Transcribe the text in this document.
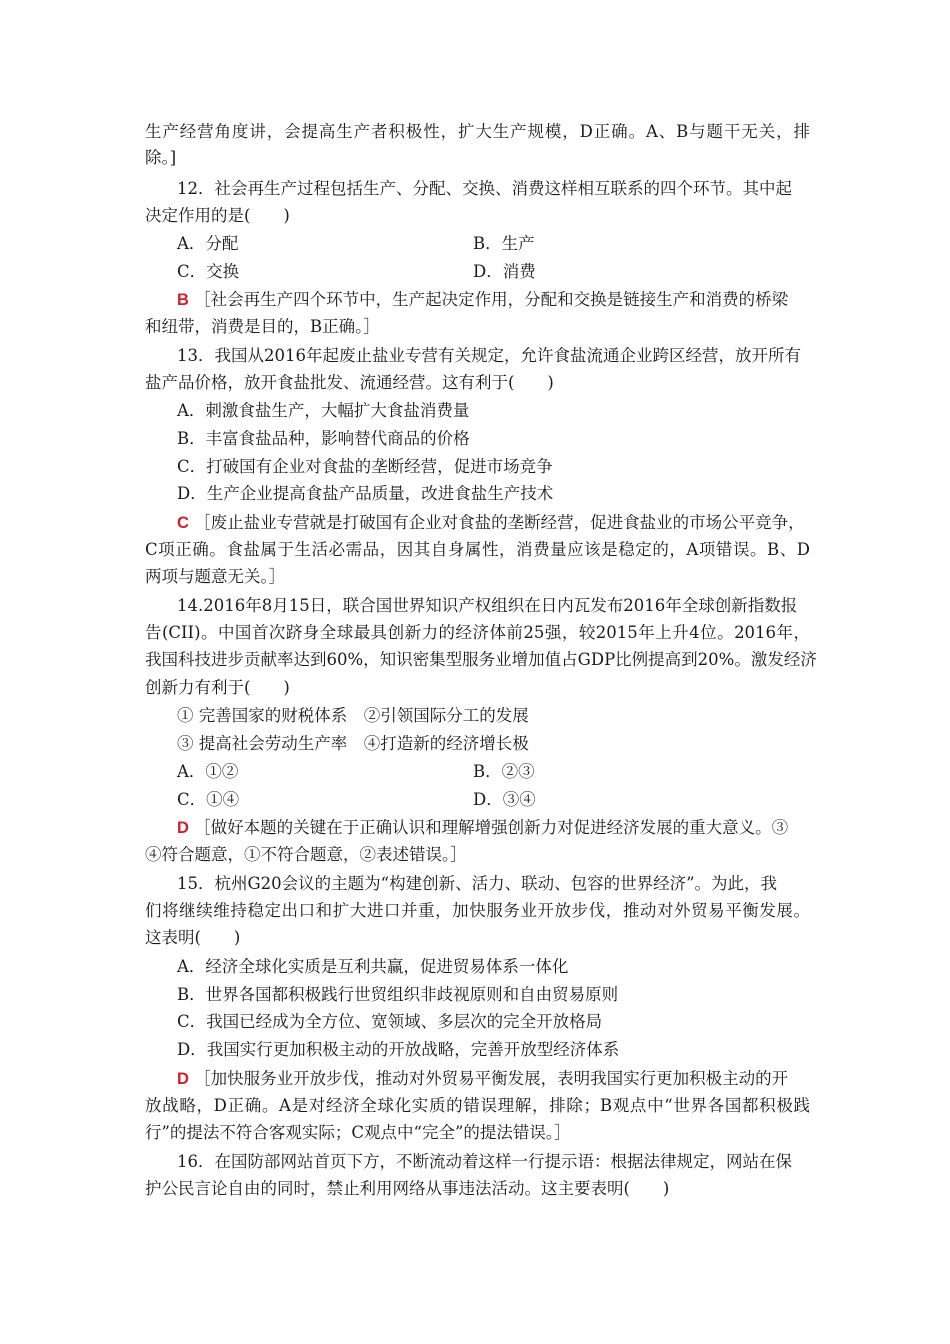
生产经营角度讲，会提高生产者积极性，扩大生产规模，D正确。A、B与题干无关，排
除。]
12．社会再生产过程包括生产、分配、交换、消费这样相互联系的四个环节。其中起
决定作用的是(　　)
A．分配	B．生产
C．交换	D．消费
B ［社会再生产四个环节中，生产起决定作用，分配和交换是链接生产和消费的桥梁
和纽带，消费是目的，B正确。］
13．我国从2016年起废止盐业专营有关规定，允许食盐流通企业跨区经营，放开所有
盐产品价格，放开食盐批发、流通经营。这有利于(　　)
A．刺激食盐生产，大幅扩大食盐消费量
B．丰富食盐品种，影响替代商品的价格
C．打破国有企业对食盐的垄断经营，促进市场竞争
D．生产企业提高食盐产品质量，改进食盐生产技术
C ［废止盐业专营就是打破国有企业对食盐的垄断经营，促进食盐业的市场公平竞争，
C项正确。食盐属于生活必需品，因其自身属性，消费量应该是稳定的，A项错误。B、D
两项与题意无关。］
14.2016年8月15日，联合国世界知识产权组织在日内瓦发布2016年全球创新指数报
告(CII)。中国首次跻身全球最具创新力的经济体前25强，较2015年上升4位。2016年，
我国科技进步贡献率达到60%，知识密集型服务业增加值占GDP比例提高到20%。激发经济
创新力有利于(　　)
① 完善国家的财税体系　②引领国际分工的发展
③ 提高社会劳动生产率　④打造新的经济增长极
A．①②	B．②③
C．①④	D．③④
D ［做好本题的关键在于正确认识和理解增强创新力对促进经济发展的重大意义。③
④符合题意，①不符合题意，②表述错误。］
15．杭州G20会议的主题为“构建创新、活力、联动、包容的世界经济”。为此，我
们将继续维持稳定出口和扩大进口并重，加快服务业开放步伐，推动对外贸易平衡发展。
这表明(　　)
A．经济全球化实质是互利共赢，促进贸易体系一体化
B．世界各国都积极践行世贸组织非歧视原则和自由贸易原则
C．我国已经成为全方位、宽领域、多层次的完全开放格局
D．我国实行更加积极主动的开放战略，完善开放型经济体系
D ［加快服务业开放步伐，推动对外贸易平衡发展，表明我国实行更加积极主动的开
放战略，D正确。A是对经济全球化实质的错误理解，排除；B观点中“世界各国都积极践
行”的提法不符合客观实际；C观点中“完全”的提法错误。］
16．在国防部网站首页下方，不断流动着这样一行提示语：根据法律规定，网站在保
护公民言论自由的同时，禁止利用网络从事违法活动。这主要表明(　　)
